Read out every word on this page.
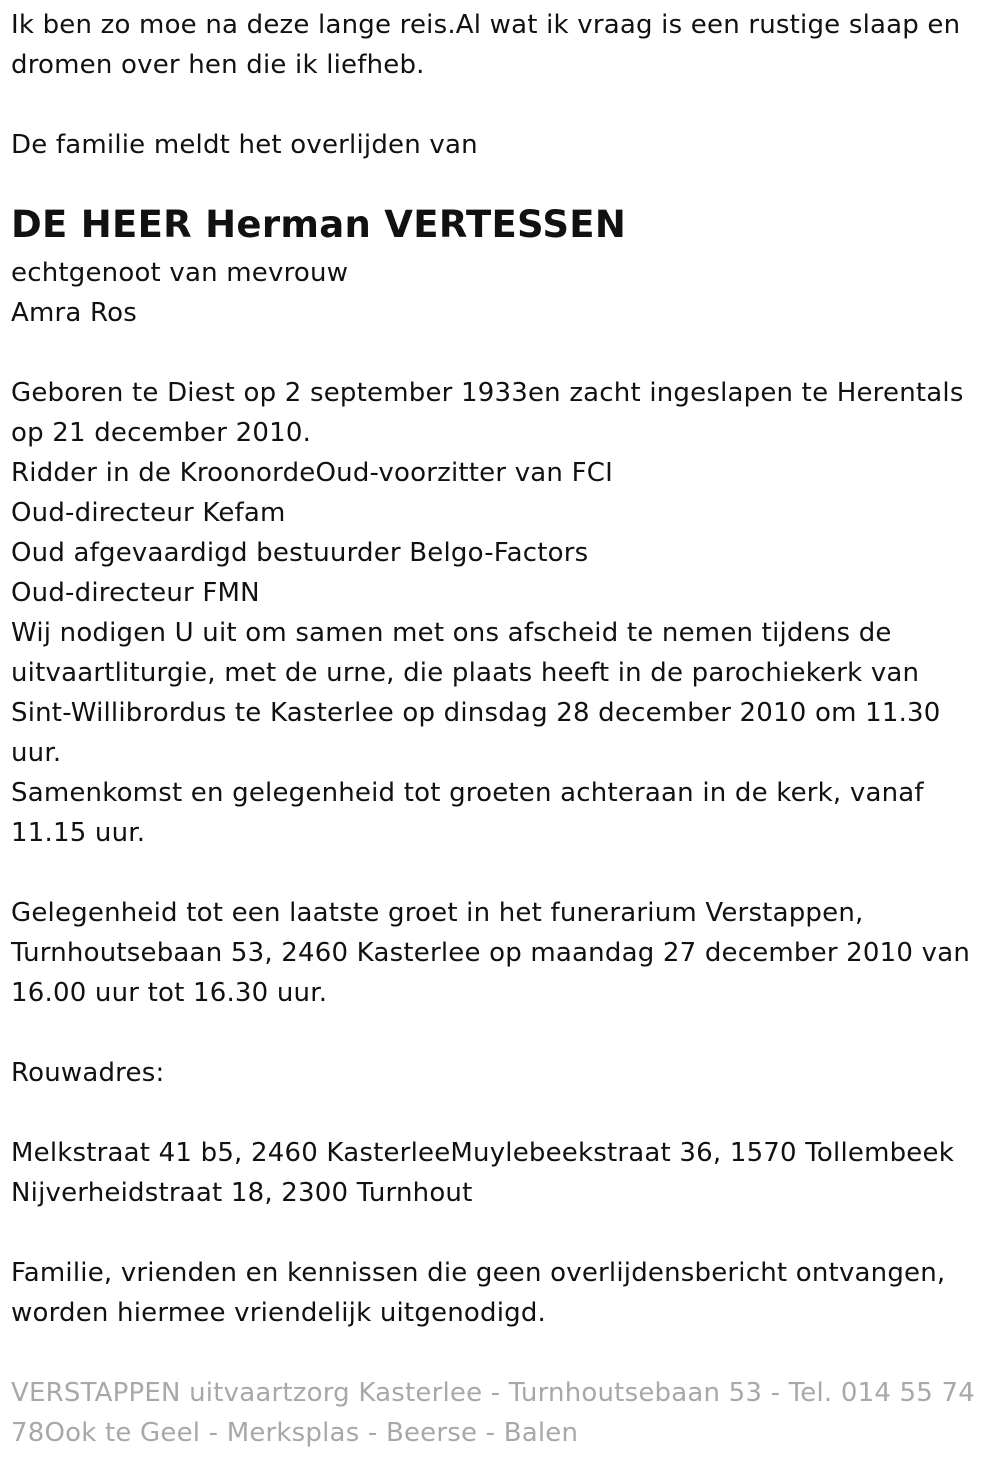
Ik ben zo moe na deze lange reis.Al wat ik vraag is een rustige slaap en
dromen over hen die ik liefheb.
De familie meldt het overlijden van
DE HEER Herman VERTESSEN
echtgenoot van mevrouw
Amra Ros
Geboren te Diest op 2 september 1933en zacht ingeslapen te Herentals
op 21 december 2010.
Ridder in de KroonordeOud-voorzitter van FCI
Oud-directeur Kefam
Oud afgevaardigd bestuurder Belgo-Factors
Oud-directeur FMN
Wij nodigen U uit om samen met ons afscheid te nemen tijdens de
uitvaartliturgie, met de urne, die plaats heeft in de parochiekerk van
Sint-Willibrordus te Kasterlee op dinsdag 28 december 2010 om 11.30
uur.
Samenkomst en gelegenheid tot groeten achteraan in de kerk, vanaf
11.15 uur.
Gelegenheid tot een laatste groet in het funerarium Verstappen,
Turnhoutsebaan 53, 2460 Kasterlee op maandag 27 december 2010 van
16.00 uur tot 16.30 uur.
Rouwadres:
Melkstraat 41 b5, 2460 KasterleeMuylebeekstraat 36, 1570 Tollembeek
Nijverheidstraat 18, 2300 Turnhout
Familie, vrienden en kennissen die geen overlijdensbericht ontvangen,
worden hiermee vriendelijk uitgenodigd.
VERSTAPPEN uitvaartzorg Kasterlee - Turnhoutsebaan 53 - Tel. 014 55 74
78Ook te Geel - Merksplas - Beerse - Balen
